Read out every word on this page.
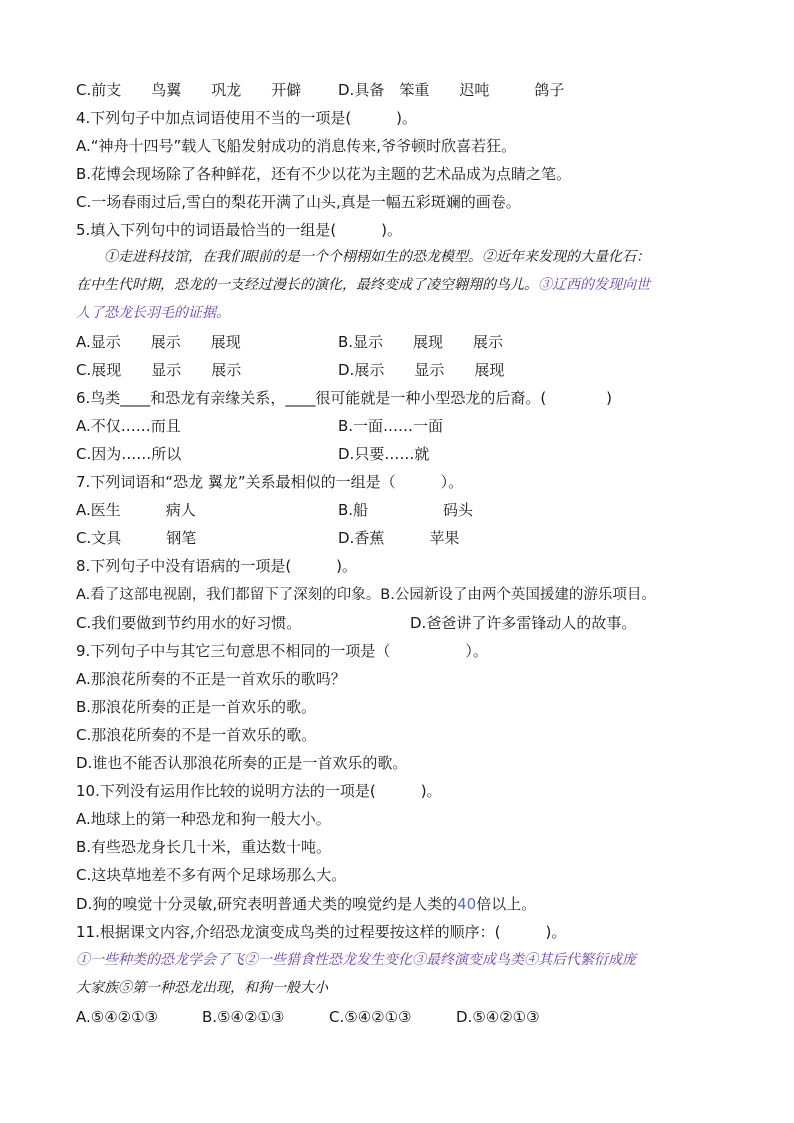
C.前支　　鸟翼　　巩龙　　开僻 D.具备　笨重　　迟吨　　　鸽子
4.下列句子中加点词语使用不当的一项是(　　　)。
A.“神舟十四号”载人飞船发射成功的消息传来,爷爷顿时欣喜若狂。
B.花博会现场除了各种鲜花，还有不少以花为主题的艺术品成为点睛之笔。
C.一场春雨过后,雪白的梨花开满了山头,真是一幅五彩斑斓的画卷。
5.填入下列句中的词语最恰当的一组是(　　　)。
①走进科技馆，在我们眼前的是一个个栩栩如生的恐龙模型。②近年来发现的大量化石：
在中生代时期，恐龙的一支经过漫长的演化，最终变成了凌空翱翔的鸟儿。③辽西的发现向世
人了恐龙长羽毛的证据。
A.显示　　展示　　展现	B.显示　　展现　　展示
C.展现　　显示　　展示	D.展示　　显示　　展现
6.鸟类____和恐龙有亲缘关系，____很可能就是一种小型恐龙的后裔。(　　　　)
A.不仅……而且	B.一面……一面
C.因为……所以	D.只要……就
7.下列词语和“恐龙 翼龙”关系最相似的一组是（　　　）。
A.医生　　　病人	B.船　　　　　码头
C.文具　　　钢笔	D.香蕉　　　苹果
8.下列句子中没有语病的一项是(　　　)。
A.看了这部电视剧，我们都留下了深刻的印象。B.公园新设了由两个英国援建的游乐项目。
C.我们要做到节约用水的好习惯。	D.爸爸讲了许多雷锋动人的故事。
9.下列句子中与其它三句意思不相同的一项是（　　　　　）。
A.那浪花所奏的不正是一首欢乐的歌吗？
B.那浪花所奏的正是一首欢乐的歌。
C.那浪花所奏的不是一首欢乐的歌。
D.谁也不能否认那浪花所奏的正是一首欢乐的歌。
10.下列没有运用作比较的说明方法的一项是(　　　)。
A.地球上的第一种恐龙和狗一般大小。
B.有些恐龙身长几十米，重达数十吨。
C.这块草地差不多有两个足球场那么大。
D.狗的嗅觉十分灵敏,研究表明普通犬类的嗅觉约是人类的40倍以上。
11.根据课文内容,介绍恐龙演变成鸟类的过程要按这样的顺序：(　　　)。
①一些种类的恐龙学会了飞②一些猎食性恐龙发生变化③最终演变成鸟类④其后代繁衍成庞
大家族⑤第一种恐龙出现，和狗一般大小
A.⑤④②①③	B.⑤④②①③	C.⑤④②①③	D.⑤④②①③
